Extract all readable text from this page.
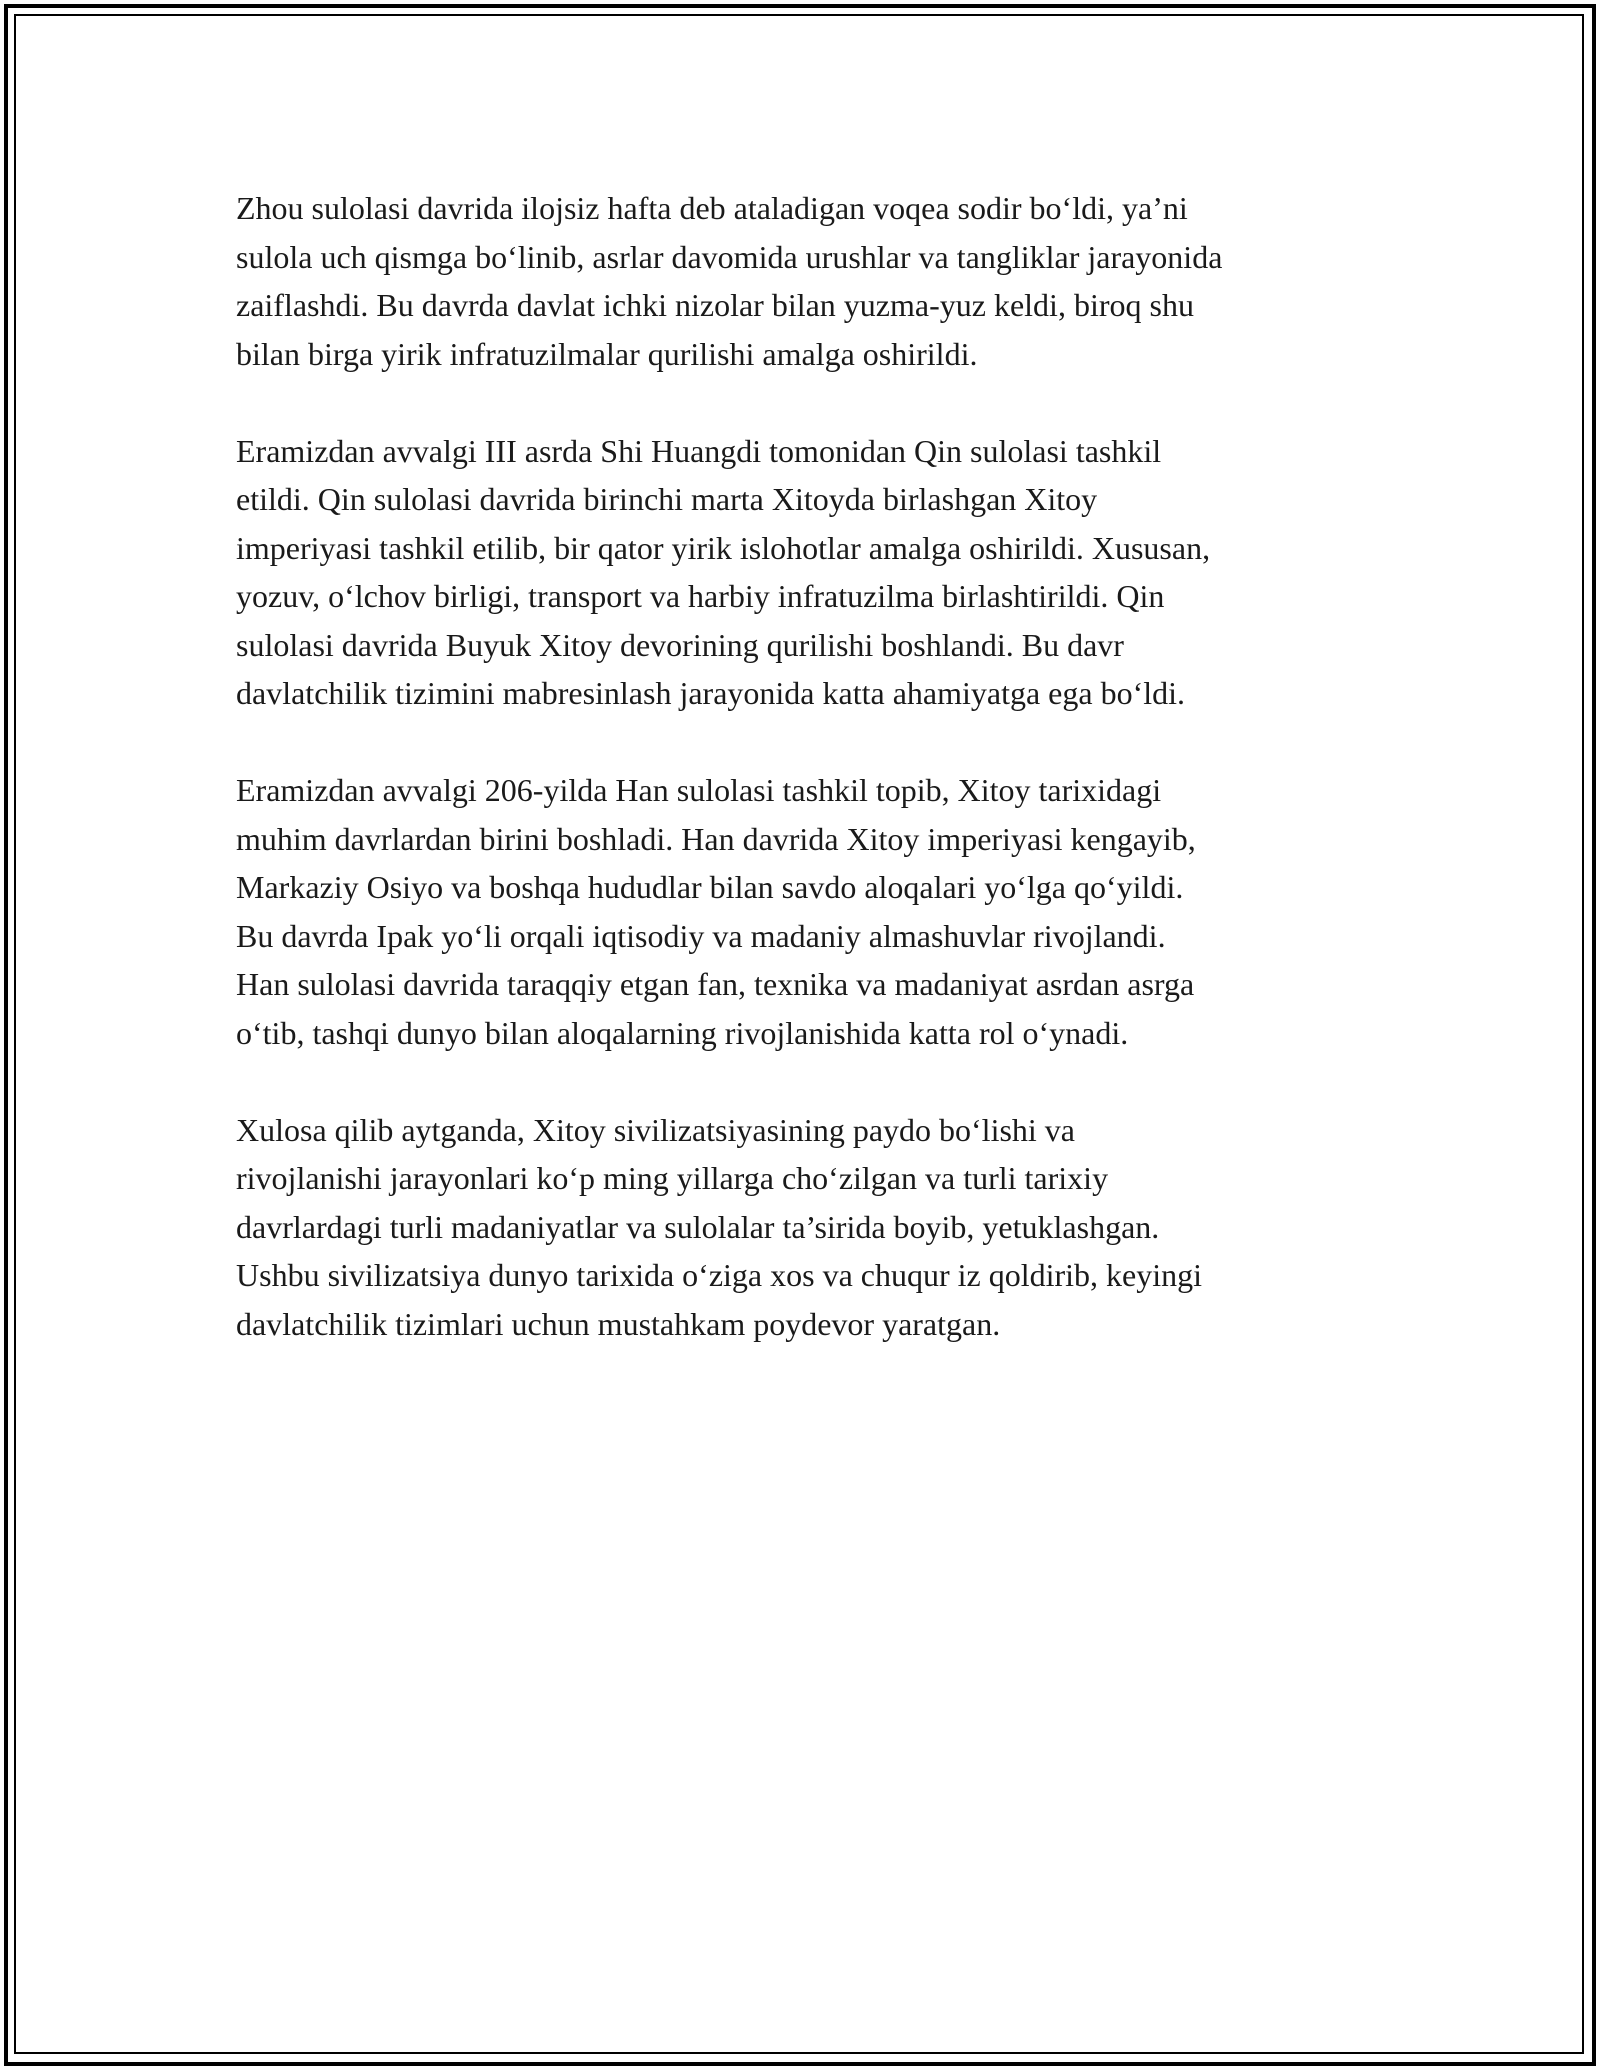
Zhou sulolasi davrida ilojsiz hafta deb ataladigan voqea sodir bo‘ldi, ya’ni
sulola uch qismga bo‘linib, asrlar davomida urushlar va tangliklar jarayonida
zaiflashdi. Bu davrda davlat ichki nizolar bilan yuzma-yuz keldi, biroq shu
bilan birga yirik infratuzilmalar qurilishi amalga oshirildi.

Eramizdan avvalgi III asrda Shi Huangdi tomonidan Qin sulolasi tashkil
etildi. Qin sulolasi davrida birinchi marta Xitoyda birlashgan Xitoy
imperiyasi tashkil etilib, bir qator yirik islohotlar amalga oshirildi. Xususan,
yozuv, o‘lchov birligi, transport va harbiy infratuzilma birlashtirildi. Qin
sulolasi davrida Buyuk Xitoy devorining qurilishi boshlandi. Bu davr
davlatchilik tizimini mabresinlash jarayonida katta ahamiyatga ega bo‘ldi.

Eramizdan avvalgi 206-yilda Han sulolasi tashkil topib, Xitoy tarixidagi
muhim davrlardan birini boshladi. Han davrida Xitoy imperiyasi kengayib,
Markaziy Osiyo va boshqa hududlar bilan savdo aloqalari yo‘lga qo‘yildi.
Bu davrda Ipak yo‘li orqali iqtisodiy va madaniy almashuvlar rivojlandi.
Han sulolasi davrida taraqqiy etgan fan, texnika va madaniyat asrdan asrga
o‘tib, tashqi dunyo bilan aloqalarning rivojlanishida katta rol o‘ynadi.

Xulosa qilib aytganda, Xitoy sivilizatsiyasining paydo bo‘lishi va
rivojlanishi jarayonlari ko‘p ming yillarga cho‘zilgan va turli tarixiy
davrlardagi turli madaniyatlar va sulolalar ta’sirida boyib, yetuklashgan.
Ushbu sivilizatsiya dunyo tarixida o‘ziga xos va chuqur iz qoldirib, keyingi
davlatchilik tizimlari uchun mustahkam poydevor yaratgan.
